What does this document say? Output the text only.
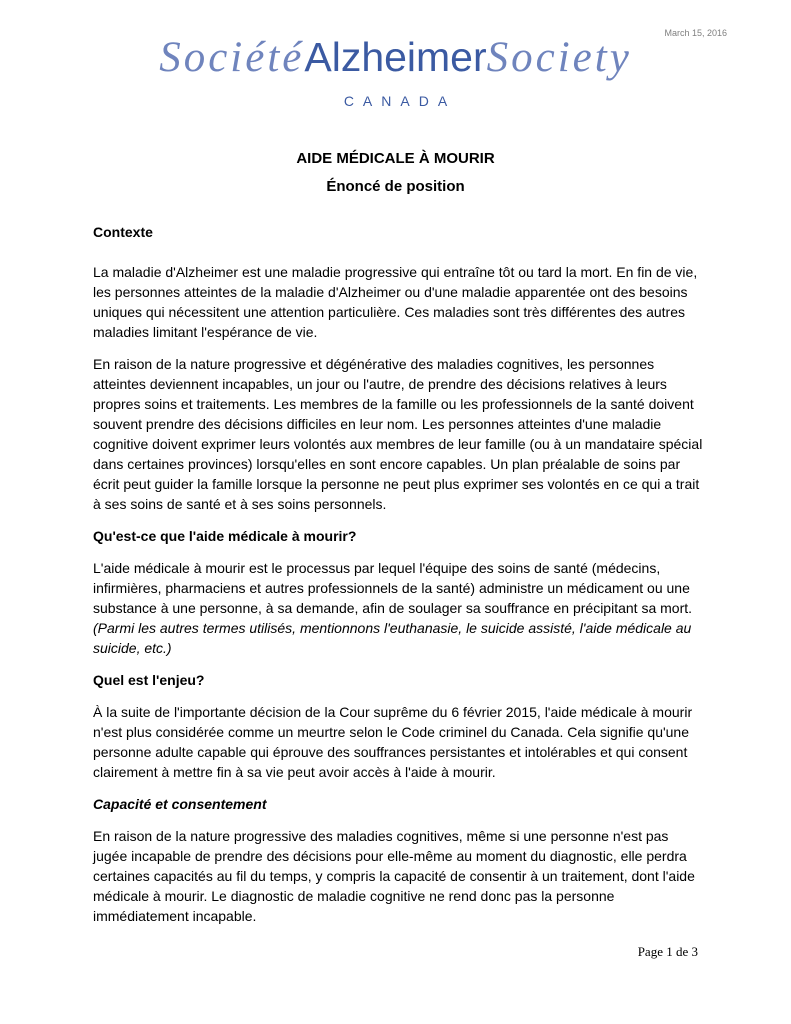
March 15, 2016
SociétéAlzheimerSociety
CANADA
AIDE MÉDICALE À MOURIR
Énoncé de position
Contexte

La maladie d'Alzheimer est une maladie progressive qui entraîne tôt ou tard la mort. En fin de vie, les personnes atteintes de la maladie d'Alzheimer ou d'une maladie apparentée ont des besoins uniques qui nécessitent une attention particulière. Ces maladies sont très différentes des autres maladies limitant l'espérance de vie.

En raison de la nature progressive et dégénérative des maladies cognitives, les personnes atteintes deviennent incapables, un jour ou l'autre, de prendre des décisions relatives à leurs propres soins et traitements. Les membres de la famille ou les professionnels de la santé doivent souvent prendre des décisions difficiles en leur nom. Les personnes atteintes d'une maladie cognitive doivent exprimer leurs volontés aux membres de leur famille (ou à un mandataire spécial dans certaines provinces) lorsqu'elles en sont encore capables. Un plan préalable de soins par écrit peut guider la famille lorsque la personne ne peut plus exprimer ses volontés en ce qui a trait à ses soins de santé et à ses soins personnels.

Qu'est-ce que l'aide médicale à mourir?

L'aide médicale à mourir est le processus par lequel l'équipe des soins de santé (médecins, infirmières, pharmaciens et autres professionnels de la santé) administre un médicament ou une substance à une personne, à sa demande, afin de soulager sa souffrance en précipitant sa mort. (Parmi les autres termes utilisés, mentionnons l'euthanasie, le suicide assisté, l'aide médicale au suicide, etc.)

Quel est l'enjeu?

À la suite de l'importante décision de la Cour suprême du 6 février 2015, l'aide médicale à mourir n'est plus considérée comme un meurtre selon le Code criminel du Canada. Cela signifie qu'une personne adulte capable qui éprouve des souffrances persistantes et intolérables et qui consent clairement à mettre fin à sa vie peut avoir accès à l'aide à mourir.

Capacité et consentement

En raison de la nature progressive des maladies cognitives, même si une personne n'est pas jugée incapable de prendre des décisions pour elle-même au moment du diagnostic, elle perdra certaines capacités au fil du temps, y compris la capacité de consentir à un traitement, dont l'aide médicale à mourir. Le diagnostic de maladie cognitive ne rend donc pas la personne immédiatement incapable.

Page 1 de 3
